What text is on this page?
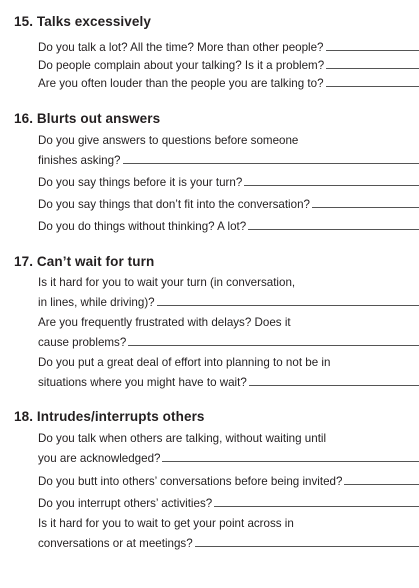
15. Talks excessively
Do you talk a lot? All the time? More than other people?
Do people complain about your talking? Is it a problem?
Are you often louder than the people you are talking to?
16. Blurts out answers
Do you give answers to questions before someone
finishes asking?
Do you say things before it is your turn?
Do you say things that don’t fit into the conversation?
Do you do things without thinking? A lot?
17. Can’t wait for turn
Is it hard for you to wait your turn (in conversation,
in lines, while driving)?
Are you frequently frustrated with delays? Does it
cause problems?
Do you put a great deal of effort into planning to not be in
situations where you might have to wait?
18. Intrudes/interrupts others
Do you talk when others are talking, without waiting until
you are acknowledged?
Do you butt into others’ conversations before being invited?
Do you interrupt others’ activities?
Is it hard for you to wait to get your point across in
conversations or at meetings?
